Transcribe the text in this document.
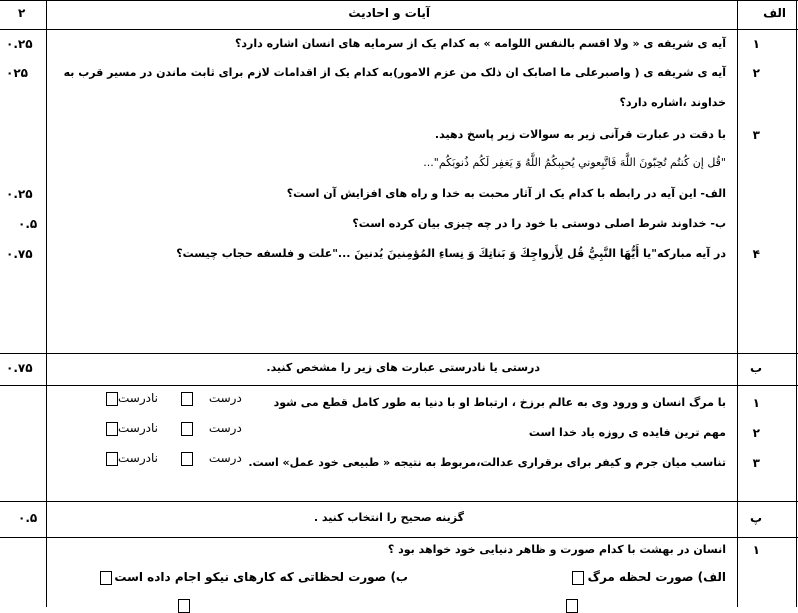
الف
آیات و احادیث
۲
۱
آیه ی شریفه ی « ولا اقسم بالنفس اللوامه » به کدام یک از سرمایه های انسان اشاره دارد؟
۰.۲۵
۲
آیه ی شریفه ی ( واصبرعلی ما اصابک ان ذلک من عزم الامور)به کدام یک از اقدامات لازم برای ثابت ماندن در مسیر قرب به
خداوند ،اشاره دارد؟
۰۲۵
۳
با دقت در عبارت قرآنی زیر به سوالات زیر پاسخ دهید.
"قُل إن كُنتُم تُحِبّونَ اللَّهَ فَاتَّبِعوني يُحبِبكُمُ اللَّهُ وَ يَغفِر لَكُم ذُنوبَكُم"...
الف- این آیه در رابطه با کدام یک از آثار محبت به خدا و راه های افزایش آن است؟
۰.۲۵
ب- خداوند شرط اصلی دوستی با خود را در چه چیزی بیان کرده است؟
۰.۵
۴
در آیه مبارکه"یا أَيُّهَا النَّبِيُّ قُل لِأَزواجِكَ وَ بَناتِكَ وَ نِساءِ المُؤمِنينَ يُدنينَ ..."علت و فلسفه حجاب چیست؟
۰.۷۵
ب
درستی یا نادرستی عبارت های زیر را مشخص کنید.
۰.۷۵
۱
با مرگ انسان و ورود وی به عالم برزخ ، ارتباط او با دنیا به طور کامل قطع می شود
۲
مهم ترین فایده ی روزه یاد خدا است
۳
تناسب میان جرم و کیفر برای برقراری عدالت،مربوط به نتیجه « طبیعی خود عمل» است.
درست
نادرست
درست
نادرست
درست
نادرست
پ
گزینه صحیح را انتخاب کنید .
۰.۵
۱
انسان در بهشت با کدام صورت و ظاهر دنیایی خود خواهد بود ؟
الف) صورت لحظه مرگ
ب) صورت لحظاتی که کارهای نیکو اجام داده است
